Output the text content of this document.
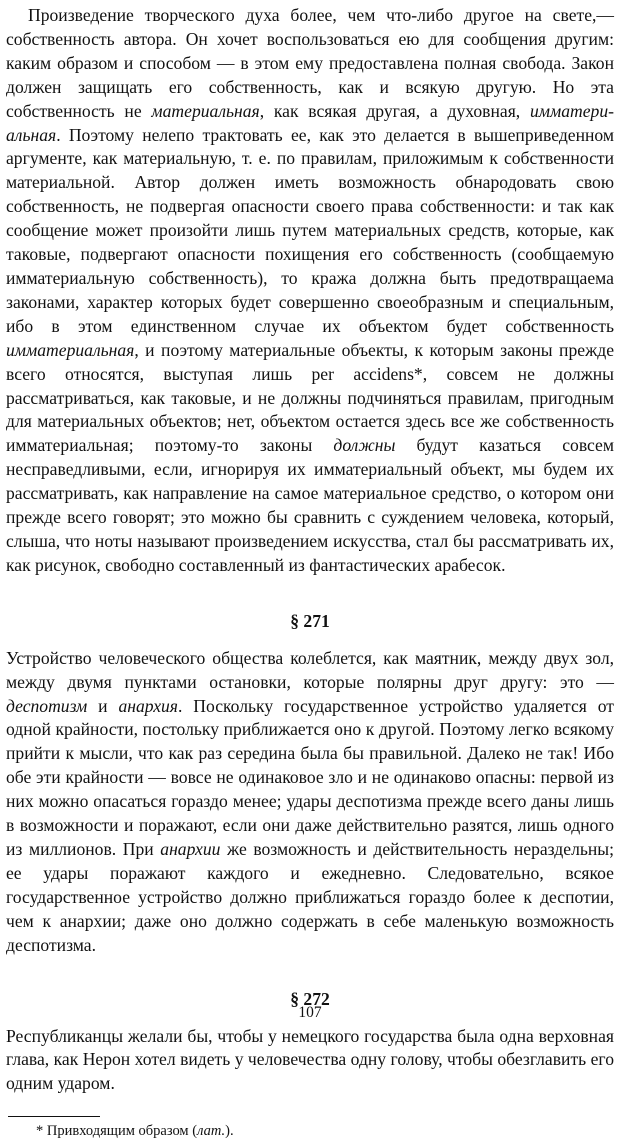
Произведение творческого духа более, чем что-либо другое на свете,— собственность автора. Он хочет воспользоваться ею для сообщения другим: каким образом и способом — в этом ему предоставлена полная свобода. Закон должен защищать его собственность, как и всякую другую. Но эта собственность не материальная, как всякая другая, а духовная, имматериальная. Поэтому нелепо трактовать ее, как это делается в вышеприведенном аргументе, как материальную, т. е. по правилам, приложимым к собственности материальной. Автор должен иметь возможность обнародовать свою собственность, не подвергая опасности своего права собственности: и так как сообщение может произойти лишь путем материальных средств, которые, как таковые, подвергают опасности похищения его собственность (сообщаемую имматериальную собственность), то кража должна быть предотвращаема законами, характер которых будет совершенно своеобразным и специальным, ибо в этом единственном случае их объектом будет собственность имматериальная, и поэтому материальные объекты, к которым законы прежде всего относятся, выступая лишь per accidens*, совсем не должны рассматриваться, как таковые, и не должны подчиняться правилам, пригодным для материальных объектов; нет, объектом остается здесь все же собственность имматериальная; поэтому-то законы должны будут казаться совсем несправедливыми, если, игнорируя их имматериальный объект, мы будем их рассматривать, как направление на самое материальное средство, о котором они прежде всего говорят; это можно бы сравнить с суждением человека, который, слыша, что ноты называют произведением искусства, стал бы рассматривать их, как рисунок, свободно составленный из фантастических арабесок.

§ 271

Устройство человеческого общества колеблется, как маятник, между двух зол, между двумя пунктами остановки, которые полярны друг другу: это — деспотизм и анархия. Поскольку государственное устройство удаляется от одной крайности, постольку приближается оно к другой. Поэтому легко всякому прийти к мысли, что как раз середина была бы правильной. Далеко не так! Ибо обе эти крайности — вовсе не одинаковое зло и не одинаково опасны: первой из них можно опасаться гораздо менее; удары деспотизма прежде всего даны лишь в возможности и поражают, если они даже действительно разятся, лишь одного из миллионов. При анархии же возможность и действительность нераздельны; ее удары поражают каждого и ежедневно. Следовательно, всякое государственное устройство должно приближаться гораздо более к деспотии, чем к анархии; даже оно должно содержать в себе маленькую возможность деспотизма.

§ 272

Республиканцы желали бы, чтобы у немецкого государства была одна верховная глава, как Нерон хотел видеть у человечества одну голову, чтобы обезглавить его одним ударом.

* Привходящим образом (лат.).

107
